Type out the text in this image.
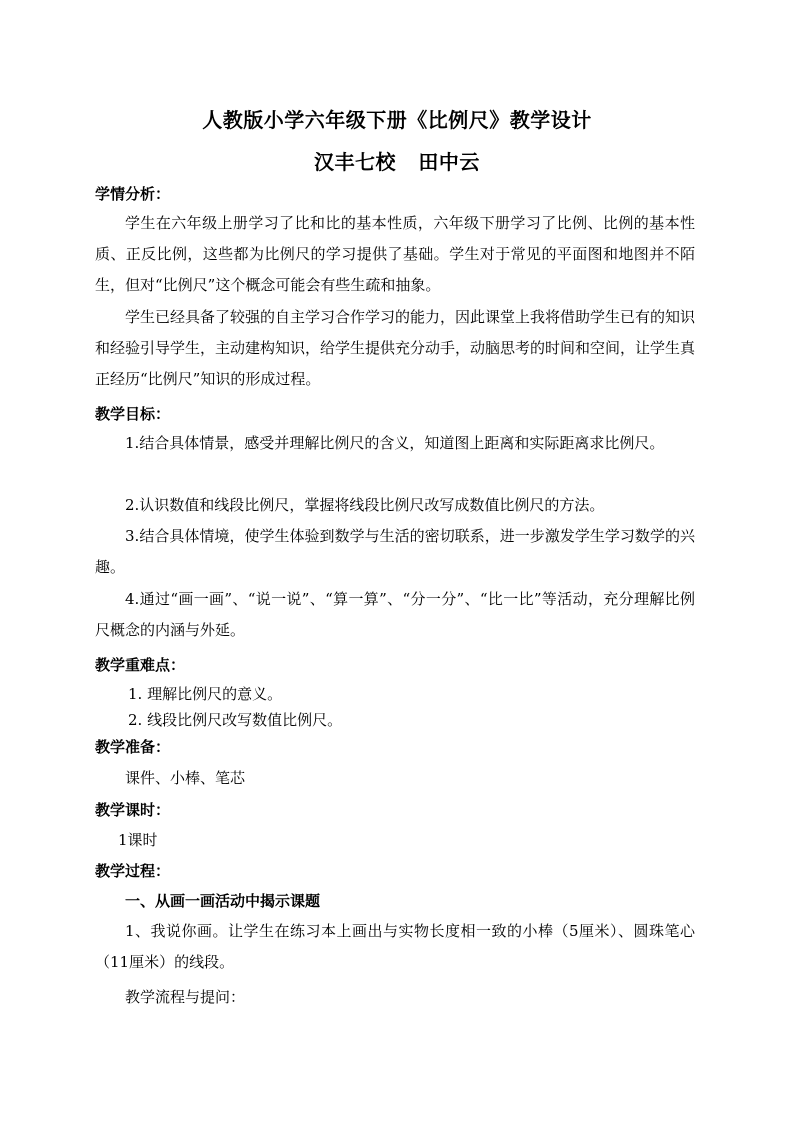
人教版小学六年级下册《比例尺》教学设计
汉丰七校   田中云
学情分析：

学生在六年级上册学习了比和比的基本性质，六年级下册学习了比例、比例的基本性质、正反比例，这些都为比例尺的学习提供了基础。学生对于常见的平面图和地图并不陌生，但对“比例尺”这个概念可能会有些生疏和抽象。

学生已经具备了较强的自主学习合作学习的能力，因此课堂上我将借助学生已有的知识和经验引导学生，主动建构知识，给学生提供充分动手，动脑思考的时间和空间，让学生真正经历“比例尺”知识的形成过程。

教学目标：

1.结合具体情景，感受并理解比例尺的含义，知道图上距离和实际距离求比例尺。

2.认识数值和线段比例尺，掌握将线段比例尺改写成数值比例尺的方法。

3.结合具体情境，使学生体验到数学与生活的密切联系，进一步激发学生学习数学的兴趣。

4.通过“画一画”、“说一说”、“算一算”、“分一分”、“比一比”等活动，充分理解比例尺概念的内涵与外延。

教学重难点：
1. 理解比例尺的意义。
2. 线段比例尺改写数值比例尺。
教学准备：
课件、小棒、笔芯
教学课时：
1课时
教学过程：
一、从画一画活动中揭示课题

1、我说你画。让学生在练习本上画出与实物长度相一致的小棒（5厘米）、圆珠笔心（11厘米）的线段。

教学流程与提问：
